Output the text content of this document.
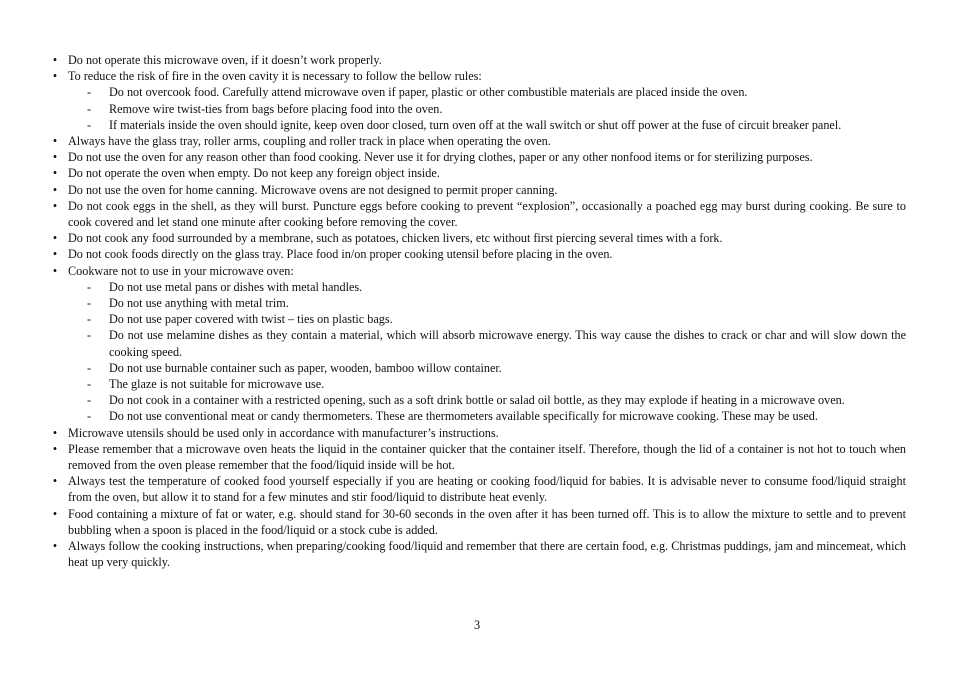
• Do not operate this microwave oven, if it doesn’t work properly.
• To reduce the risk of fire in the oven cavity it is necessary to follow the bellow rules:
- Do not overcook food. Carefully attend microwave oven if paper, plastic or other combustible materials are placed inside the oven.
- Remove wire twist-ties from bags before placing food into the oven.
- If materials inside the oven should ignite, keep oven door closed, turn oven off at the wall switch or shut off power at the fuse of circuit breaker panel.
• Always have the glass tray, roller arms, coupling and roller track in place when operating the oven.
• Do not use the oven for any reason other than food cooking. Never use it for drying clothes, paper or any other nonfood items or for sterilizing purposes.
• Do not operate the oven when empty. Do not keep any foreign object inside.
• Do not use the oven for home canning. Microwave ovens are not designed to permit proper canning.
• Do not cook eggs in the shell, as they will burst. Puncture eggs before cooking to prevent “explosion”, occasionally a poached egg may burst during cooking. Be sure to cook covered and let stand one minute after cooking before removing the cover.
• Do not cook any food surrounded by a membrane, such as potatoes, chicken livers, etc without first piercing several times with a fork.
• Do not cook foods directly on the glass tray. Place food in/on proper cooking utensil before placing in the oven.
• Cookware not to use in your microwave oven:
- Do not use metal pans or dishes with metal handles.
- Do not use anything with metal trim.
- Do not use paper covered with twist – ties on plastic bags.
- Do not use melamine dishes as they contain a material, which will absorb microwave energy. This way cause the dishes to crack or char and will slow down the cooking speed.
- Do not use burnable container such as paper, wooden, bamboo willow container.
- The glaze is not suitable for microwave use.
- Do not cook in a container with a restricted opening, such as a soft drink bottle or salad oil bottle, as they may explode if heating in a microwave oven.
- Do not use conventional meat or candy thermometers. These are thermometers available specifically for microwave cooking. These may be used.
• Microwave utensils should be used only in accordance with manufacturer’s instructions.
• Please remember that a microwave oven heats the liquid in the container quicker that the container itself. Therefore, though the lid of a container is not hot to touch when removed from the oven please remember that the food/liquid inside will be hot.
• Always test the temperature of cooked food yourself especially if you are heating or cooking food/liquid for babies. It is advisable never to consume food/liquid straight from the oven, but allow it to stand for a few minutes and stir food/liquid to distribute heat evenly.
• Food containing a mixture of fat or water, e.g. should stand for 30-60 seconds in the oven after it has been turned off. This is to allow the mixture to settle and to prevent bubbling when a spoon is placed in the food/liquid or a stock cube is added.
• Always follow the cooking instructions, when preparing/cooking food/liquid and remember that there are certain food, e.g. Christmas puddings, jam and mincemeat, which heat up very quickly.
3
